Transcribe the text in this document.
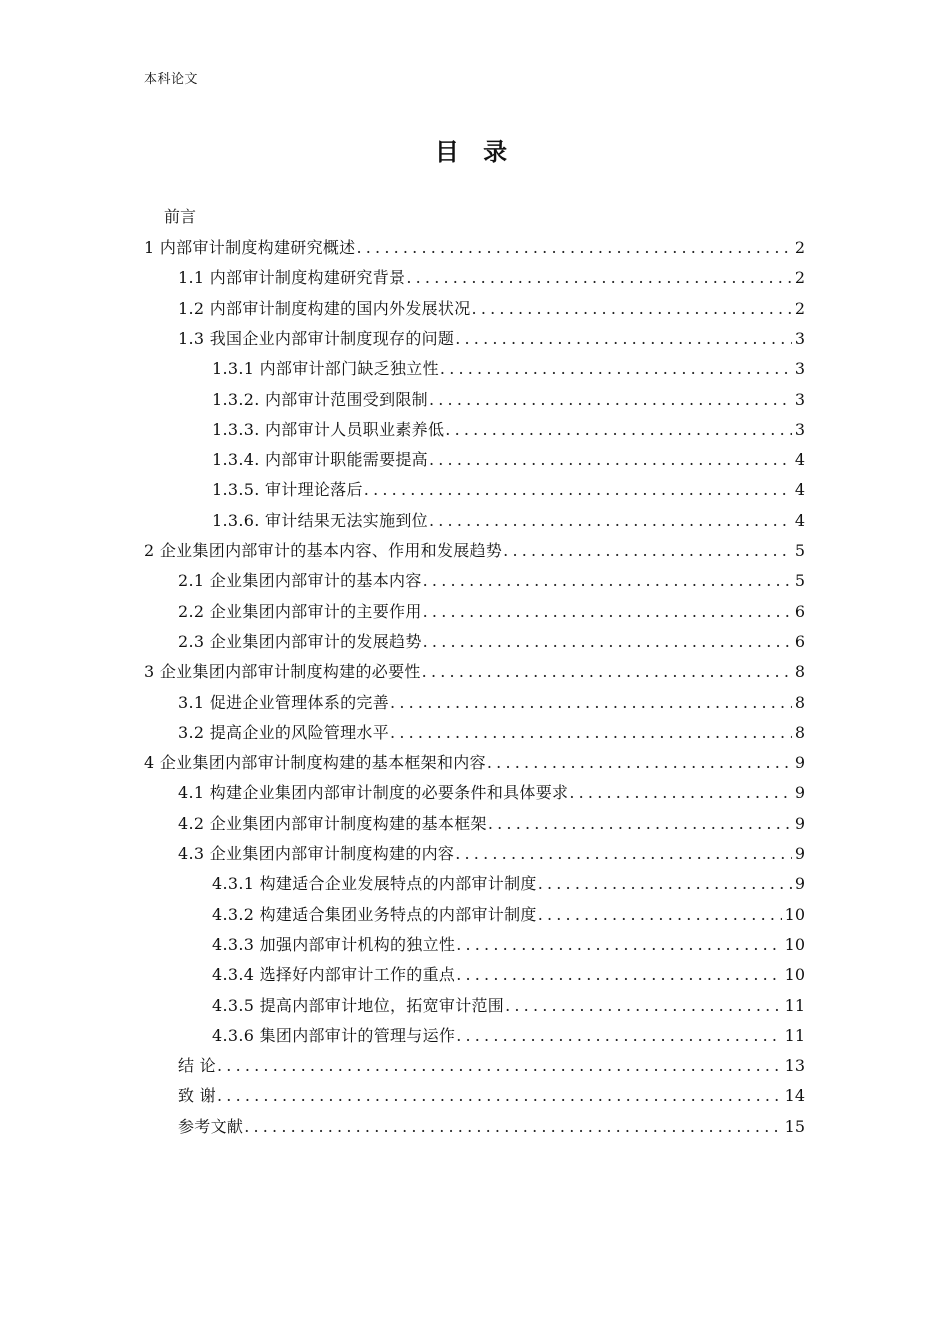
本科论文
目 录
前言
1 内部审计制度构建研究概述 .....	2
1.1 内部审计制度构建研究背景 .....	2
1.2 内部审计制度构建的国内外发展状况 .....	2
1.3 我国企业内部审计制度现存的问题 .....	3
1.3.1 内部审计部门缺乏独立性 .....	3
1.3.2. 内部审计范围受到限制 .....	3
1.3.3. 内部审计人员职业素养低 .....	3
1.3.4. 内部审计职能需要提高 .....	4
1.3.5. 审计理论落后 .....	4
1.3.6. 审计结果无法实施到位 .....	4
2 企业集团内部审计的基本内容、作用和发展趋势 .....	5
2.1 企业集团内部审计的基本内容 .....	5
2.2 企业集团内部审计的主要作用 .....	6
2.3 企业集团内部审计的发展趋势 .....	6
3 企业集团内部审计制度构建的必要性 .....	8
3.1 促进企业管理体系的完善 .....	8
3.2 提高企业的风险管理水平 .....	8
4 企业集团内部审计制度构建的基本框架和内容 .....	9
4.1 构建企业集团内部审计制度的必要条件和具体要求 .....	9
4.2 企业集团内部审计制度构建的基本框架 .....	9
4.3 企业集团内部审计制度构建的内容 .....	9
4.3.1 构建适合企业发展特点的内部审计制度 .....	9
4.3.2 构建适合集团业务特点的内部审计制度 .....	10
4.3.3 加强内部审计机构的独立性 .....	10
4.3.4 选择好内部审计工作的重点 .....	10
4.3.5 提高内部审计地位，拓宽审计范围 .....	11
4.3.6 集团内部审计的管理与运作 .....	11
结 论 .....	13
致 谢 .....	14
参考文献 .....	15
